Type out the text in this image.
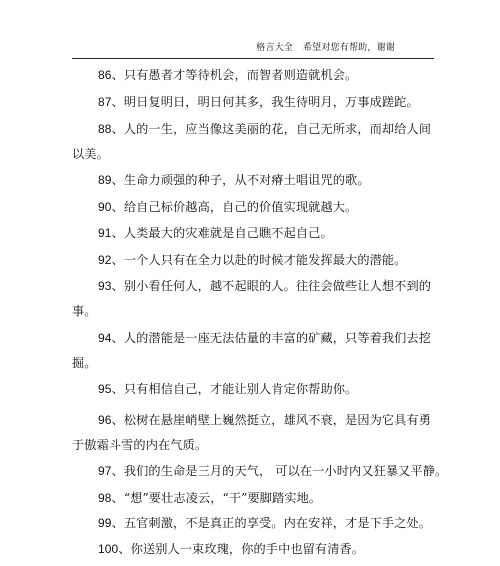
格言大全 希望对您有帮助，谢谢
86、只有愚者才等待机会，而智者则造就机会。
87、明日复明日，明日何其多，我生待明月，万事成蹉跎。
88、人的一生，应当像这美丽的花，自己无所求，而却给人间
以美。
89、生命力顽强的种子，从不对瘠土唱诅咒的歌。
90、给自己标价越高，自己的价值实现就越大。
91、人类最大的灾难就是自己瞧不起自己。
92、一个人只有在全力以赴的时候才能发挥最大的潜能。
93、别小看任何人，越不起眼的人。往往会做些让人想不到的
事。
94、人的潜能是一座无法估量的丰富的矿藏，只等着我们去挖
掘。
95、只有相信自己，才能让别人肯定你帮助你。
96、松树在悬崖峭壁上巍然挺立，雄风不衰，是因为它具有勇
于傲霜斗雪的内在气质。
97、我们的生命是三月的天气， 可以在一小时内又狂暴又平静。
98、“想”要壮志凌云，“干”要脚踏实地。
99、五官刺激，不是真正的享受。内在安祥，才是下手之处。
100、你送别人一束玫瑰，你的手中也留有清香。
